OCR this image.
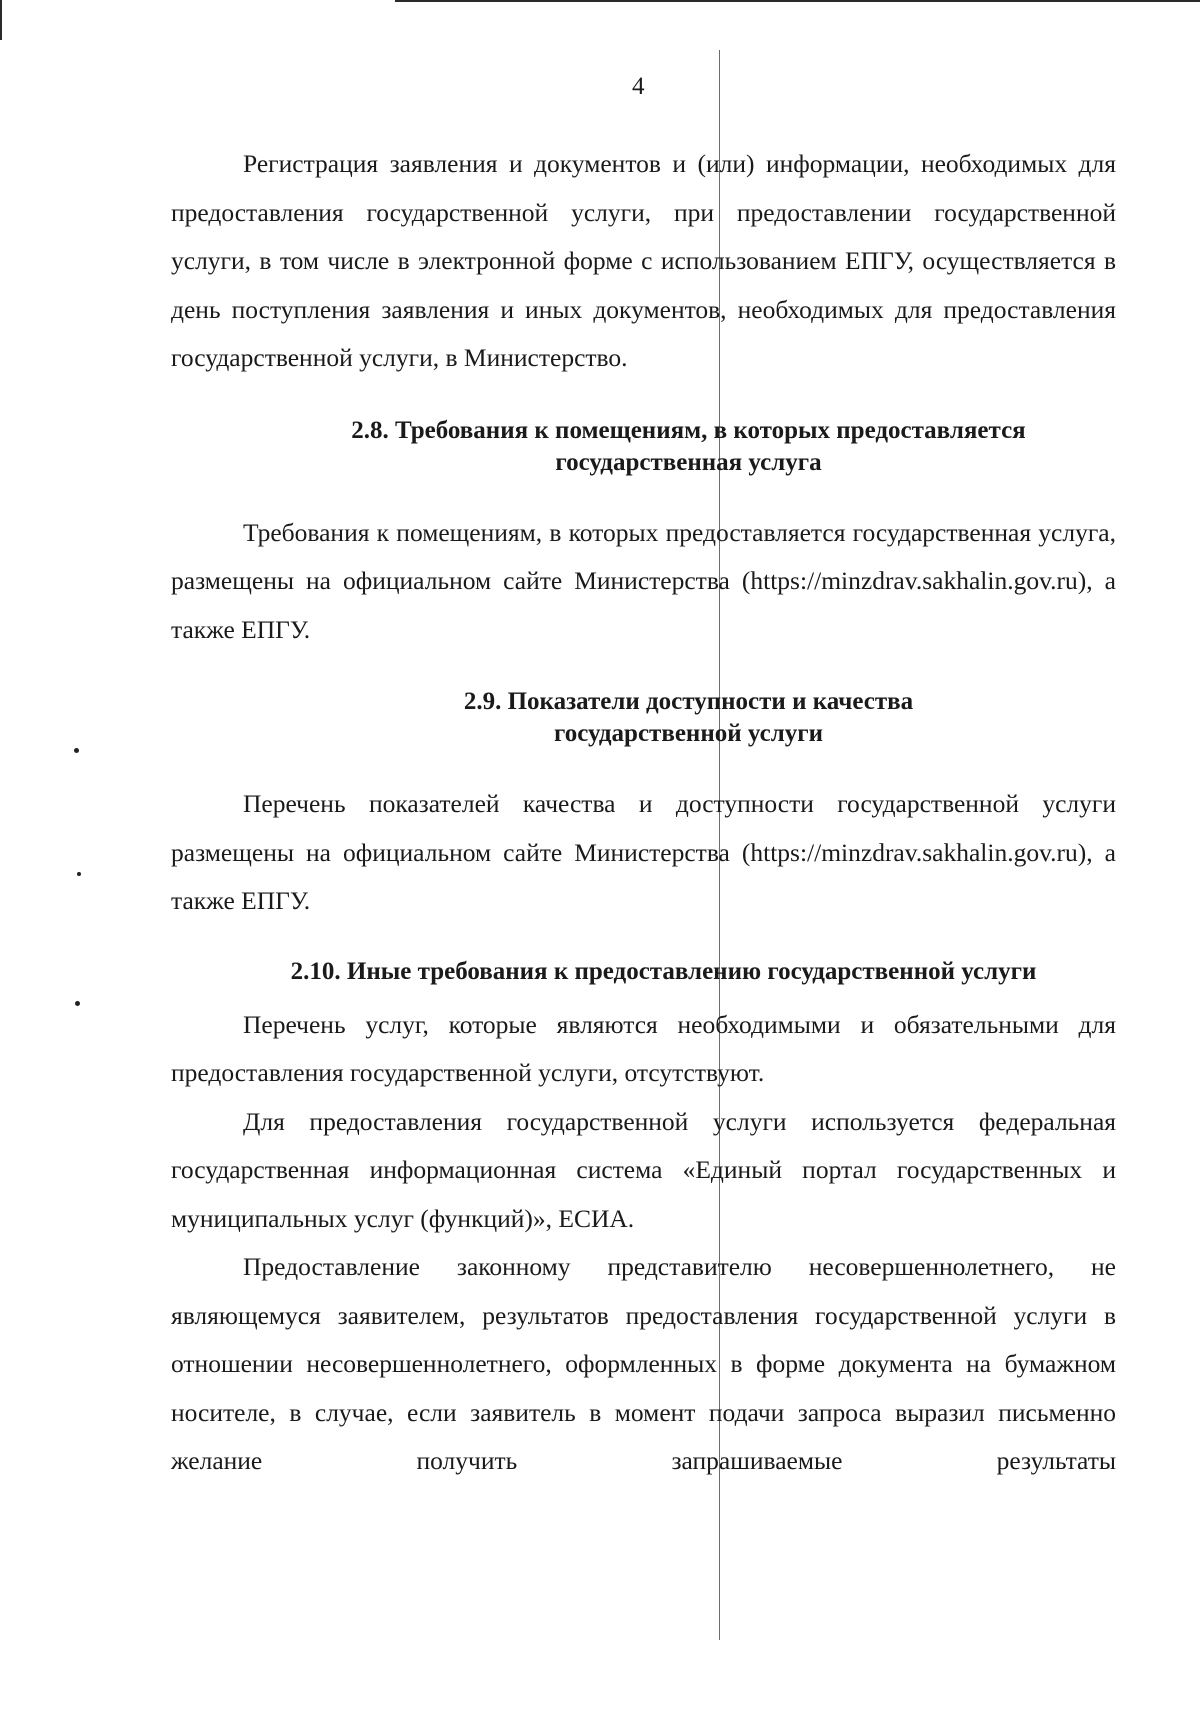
4

Регистрация заявления и документов и (или) информации, необходимых для предоставления государственной услуги, при предоставлении государственной услуги, в том числе в электронной форме с использованием ЕПГУ, осуществляется в день поступления заявления и иных документов, необходимых для предоставления государственной услуги, в Министерство.

2.8. Требования к помещениям, в которых предоставляется
государственная услуга

Требования к помещениям, в которых предоставляется государственная услуга, размещены на официальном сайте Министерства (https://minzdrav.sakhalin.gov.ru), а также ЕПГУ.

2.9. Показатели доступности и качества
государственной услуги

Перечень показателей качества и доступности государственной услуги размещены на официальном сайте Министерства (https://minzdrav.sakhalin.gov.ru), а также ЕПГУ.

2.10. Иные требования к предоставлению государственной услуги

Перечень услуг, которые являются необходимыми и обязательными для предоставления государственной услуги, отсутствуют.

Для предоставления государственной услуги используется федеральная государственная информационная система «Единый портал государственных и муниципальных услуг (функций)», ЕСИА.

Предоставление законному представителю несовершеннолетнего, не являющемуся заявителем, результатов предоставления государственной услуги в отношении несовершеннолетнего, оформленных в форме документа на бумажном носителе, в случае, если заявитель в момент подачи запроса выразил письменно желание получить запрашиваемые результаты
